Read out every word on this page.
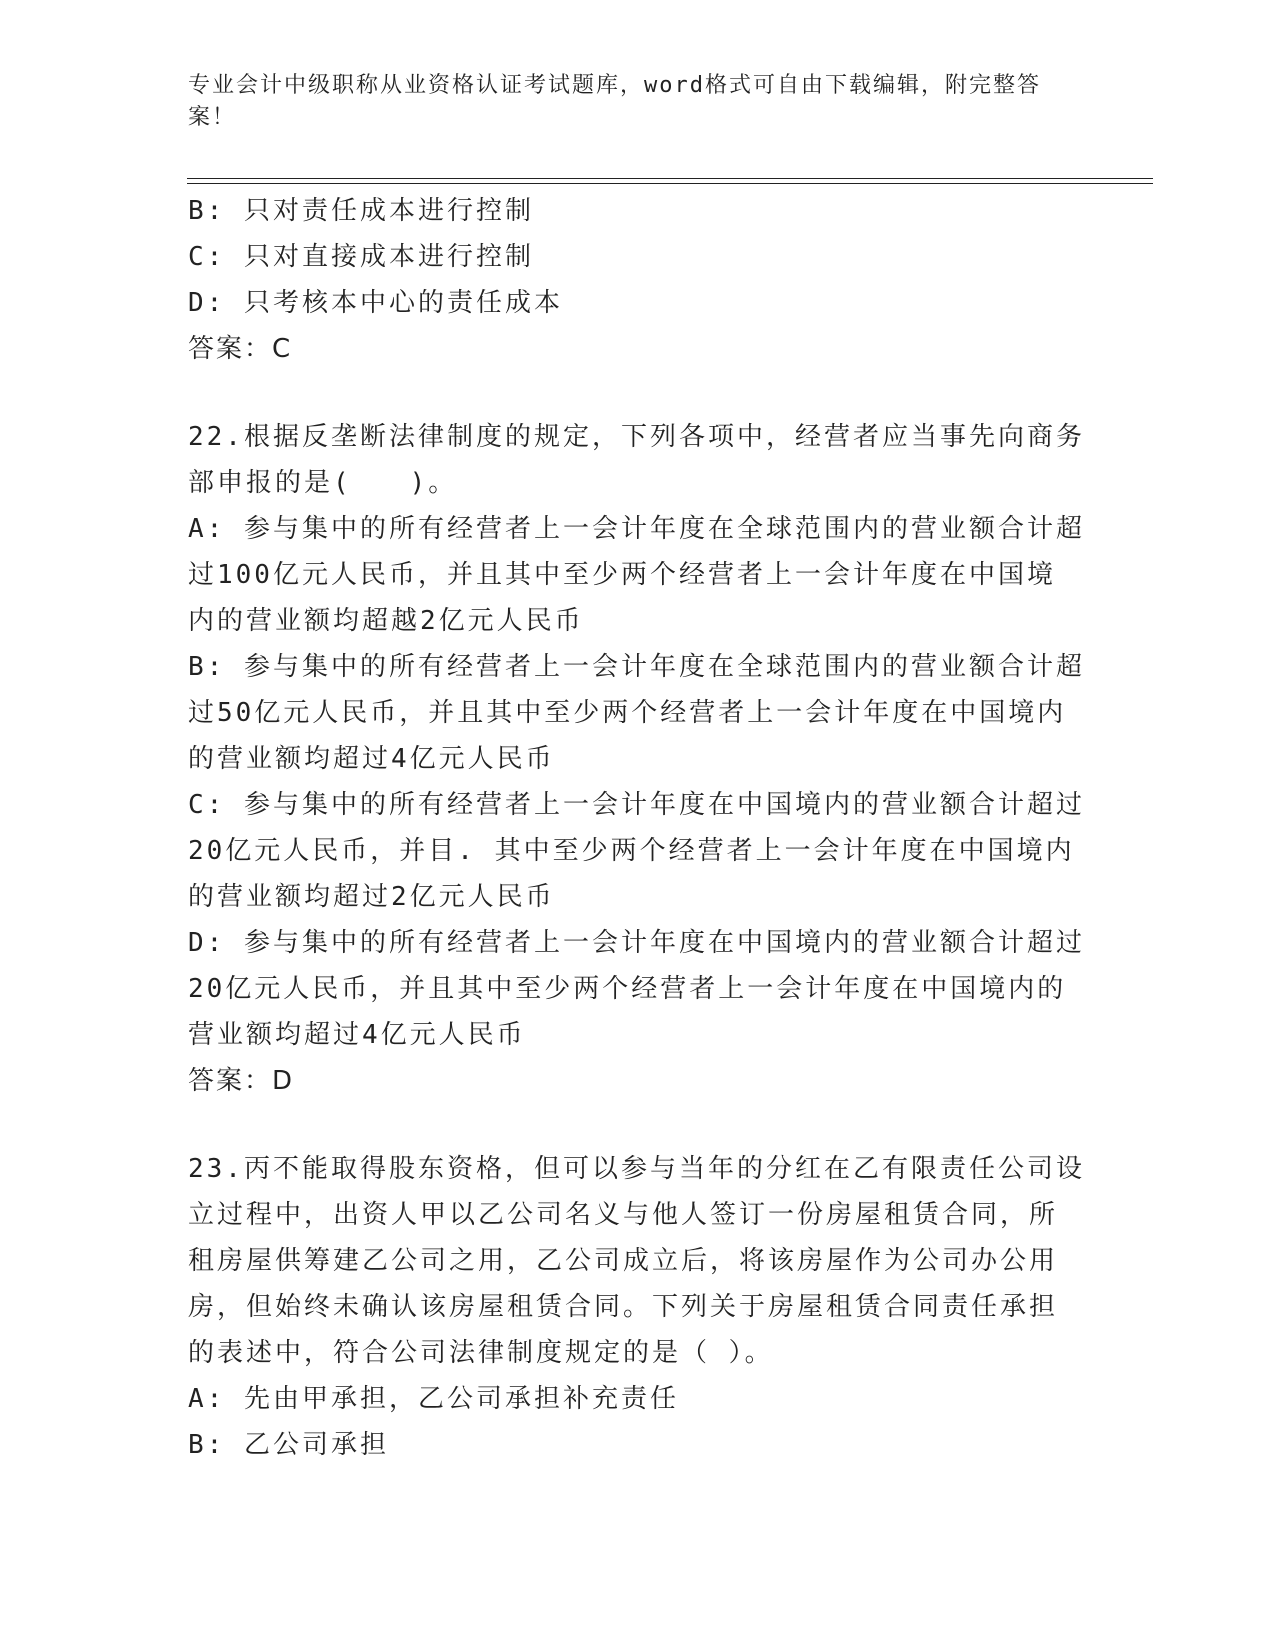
专业会计中级职称从业资格认证考试题库，word格式可自由下载编辑，附完整答
案！
B: 只对责任成本进行控制
C: 只对直接成本进行控制
D: 只考核本中心的责任成本
答案：C
22.根据反垄断法律制度的规定，下列各项中，经营者应当事先向商务
部申报的是(　　)。
A: 参与集中的所有经营者上一会计年度在全球范围内的营业额合计超
过100亿元人民币，并且其中至少两个经营者上一会计年度在中国境
内的营业额均超越2亿元人民币
B: 参与集中的所有经营者上一会计年度在全球范围内的营业额合计超
过50亿元人民币，并且其中至少两个经营者上一会计年度在中国境内
的营业额均超过4亿元人民币
C: 参与集中的所有经营者上一会计年度在中国境内的营业额合计超过
20亿元人民币，并目. 其中至少两个经营者上一会计年度在中国境内
的营业额均超过2亿元人民币
D: 参与集中的所有经营者上一会计年度在中国境内的营业额合计超过
20亿元人民币，并且其中至少两个经营者上一会计年度在中国境内的
营业额均超过4亿元人民币
答案：D
23.丙不能取得股东资格，但可以参与当年的分红在乙有限责任公司设
立过程中，出资人甲以乙公司名义与他人签订一份房屋租赁合同，所
租房屋供筹建乙公司之用，乙公司成立后，将该房屋作为公司办公用
房，但始终未确认该房屋租赁合同。下列关于房屋租赁合同责任承担
的表述中，符合公司法律制度规定的是（ ）。
A: 先由甲承担，乙公司承担补充责任
B: 乙公司承担
